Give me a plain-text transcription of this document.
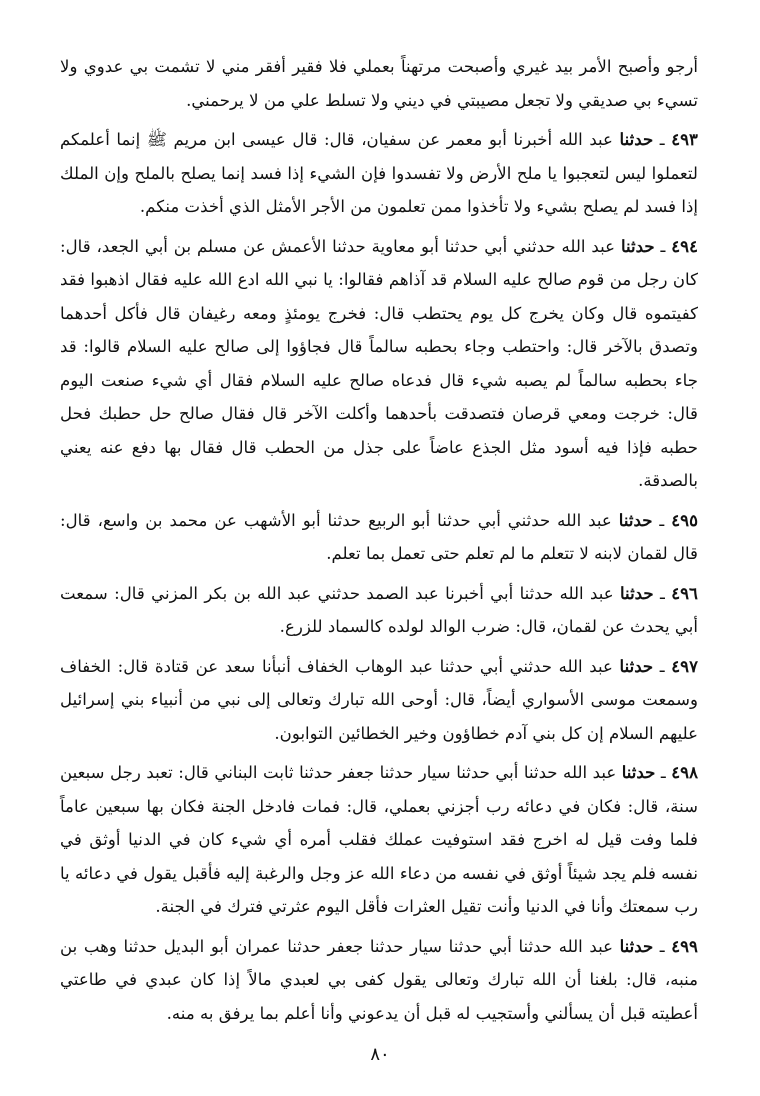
أرجو وأصبح الأمر بيد غيري وأصبحت مرتهناً بعملي فلا فقير أفقر مني لا تشمت بي عدوي ولا تسيء بي صديقي ولا تجعل مصيبتي في ديني ولا تسلط علي من لا يرحمني.

٤٩٣ ـ حدثنا عبد الله أخبرنا أبو معمر عن سفيان، قال: قال عيسى ابن مريم ﷺ إنما أعلمكم لتعملوا ليس لتعجبوا يا ملح الأرض ولا تفسدوا فإن الشيء إذا فسد إنما يصلح بالملح وإن الملك إذا فسد لم يصلح بشيء ولا تأخذوا ممن تعلمون من الأجر الأمثل الذي أخذت منكم.

٤٩٤ ـ حدثنا عبد الله حدثني أبي حدثنا أبو معاوية حدثنا الأعمش عن مسلم بن أبي الجعد، قال: كان رجل من قوم صالح عليه السلام قد آذاهم فقالوا: يا نبي الله ادع الله عليه فقال اذهبوا فقد كفيتموه قال وكان يخرج كل يوم يحتطب قال: فخرج يومئذٍ ومعه رغيفان قال فأكل أحدهما وتصدق بالآخر قال: واحتطب وجاء بحطبه سالماً قال فجاؤوا إلى صالح عليه السلام قالوا: قد جاء بحطبه سالماً لم يصبه شيء قال فدعاه صالح عليه السلام فقال أي شيء صنعت اليوم قال: خرجت ومعي قرصان فتصدقت بأحدهما وأكلت الآخر قال فقال صالح حل حطبك فحل حطبه فإذا فيه أسود مثل الجذع عاضاً على جذل من الحطب قال فقال بها دفع عنه يعني بالصدقة.

٤٩٥ ـ حدثنا عبد الله حدثني أبي حدثنا أبو الربيع حدثنا أبو الأشهب عن محمد بن واسع، قال: قال لقمان لابنه لا تتعلم ما لم تعلم حتى تعمل بما تعلم.

٤٩٦ ـ حدثنا عبد الله حدثنا أبي أخبرنا عبد الصمد حدثني عبد الله بن بكر المزني قال: سمعت أبي يحدث عن لقمان، قال: ضرب الوالد لولده كالسماد للزرع.

٤٩٧ ـ حدثنا عبد الله حدثني أبي حدثنا عبد الوهاب الخفاف أنبأنا سعد عن قتادة قال: الخفاف وسمعت موسى الأسواري أيضاً، قال: أوحى الله تبارك وتعالى إلى نبي من أنبياء بني إسرائيل عليهم السلام إن كل بني آدم خطاؤون وخير الخطائين التوابون.

٤٩٨ ـ حدثنا عبد الله حدثنا أبي حدثنا سيار حدثنا جعفر حدثنا ثابت البناني قال: تعبد رجل سبعين سنة، قال: فكان في دعائه رب أجزني بعملي، قال: فمات فادخل الجنة فكان بها سبعين عاماً فلما وفت قيل له اخرج فقد استوفيت عملك فقلب أمره أي شيء كان في الدنيا أوثق في نفسه فلم يجد شيئاً أوثق في نفسه من دعاء الله عز وجل والرغبة إليه فأقبل يقول في دعائه يا رب سمعتك وأنا في الدنيا وأنت تقيل العثرات فأقل اليوم عثرتي فترك في الجنة.

٤٩٩ ـ حدثنا عبد الله حدثنا أبي حدثنا سيار حدثنا جعفر حدثنا عمران أبو البديل حدثنا وهب بن منبه، قال: بلغنا أن الله تبارك وتعالى يقول كفى بي لعبدي مالاً إذا كان عبدي في طاعتي أعطيته قبل أن يسألني وأستجيب له قبل أن يدعوني وأنا أعلم بما يرفق به منه.

٨٠
